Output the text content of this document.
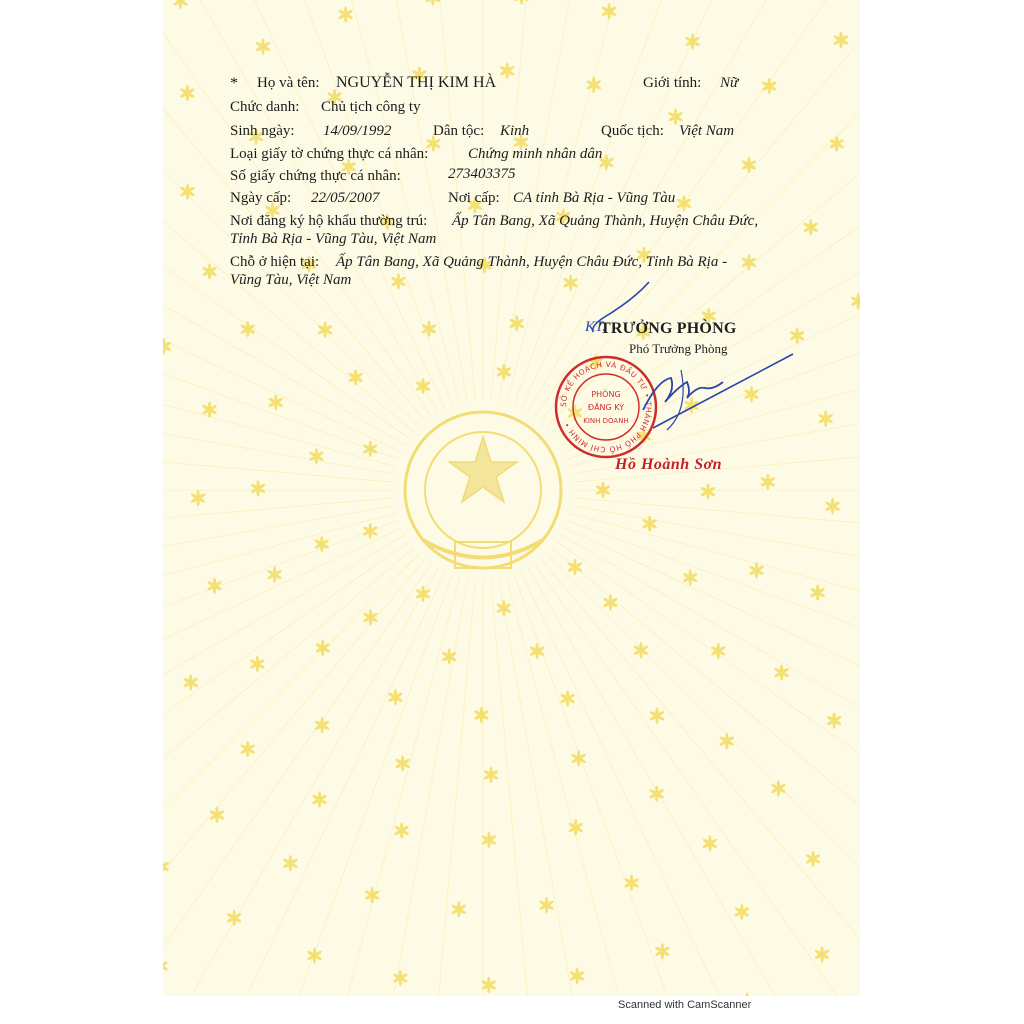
* Họ và tên: NGUYỄN THỊ KIM HÀ	Giới tính: Nữ
Chức danh: Chủ tịch công ty
Sinh ngày: 14/09/1992	Dân tộc: Kinh	Quốc tịch: Việt Nam
Loại giấy tờ chứng thực cá nhân:	Chứng minh nhân dân
Số giấy chứng thực cá nhân:	273403375
Ngày cấp: 22/05/2007	Nơi cấp: CA tỉnh Bà Rịa - Vũng Tàu
Nơi đăng ký hộ khẩu thường trú: Ấp Tân Bang, Xã Quảng Thành, Huyện Châu Đức,
Tỉnh Bà Rịa - Vũng Tàu, Việt Nam
Chỗ ở hiện tại: Ấp Tân Bang, Xã Quảng Thành, Huyện Châu Đức, Tỉnh Bà Rịa -
Vũng Tàu, Việt Nam
KT.
TRƯỞNG PHÒNG
Phó Trưởng Phòng
SỞ KẾ HOẠCH VÀ ĐẦU TƯ • THÀNH PHỐ HỒ CHÍ MINH •
PHÒNG
ĐĂNG KÝ
KINH DOANH
Hồ Hoành Sơn
Scanned with CamScanner
